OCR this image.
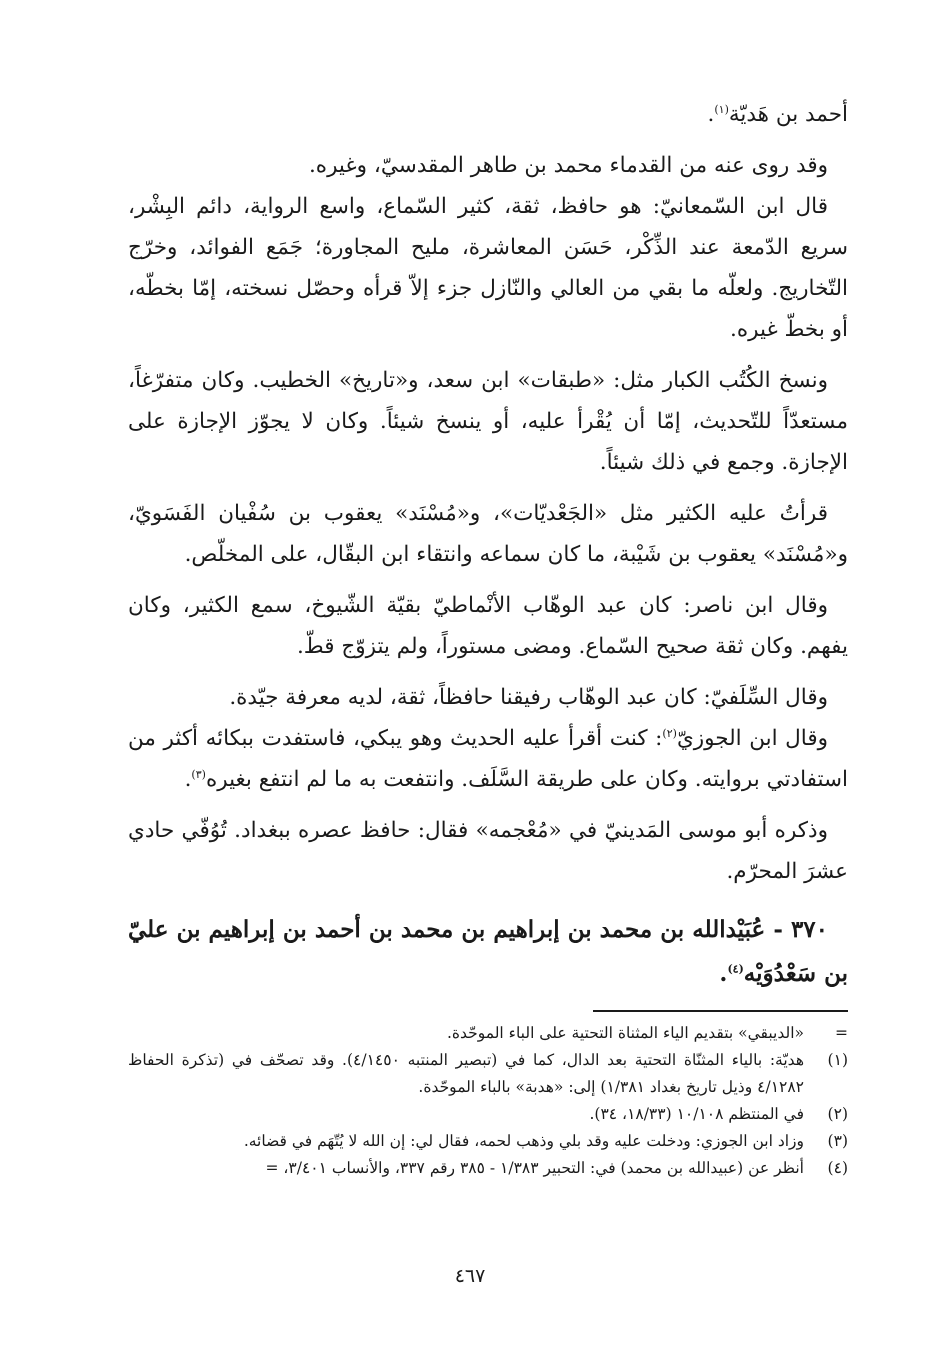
أحمد بن هَديّة$^{(١)}$.

وقد روى عنه من القدماء محمد بن طاهر المقدسيّ، وغيره.

قال ابن السّمعانيّ: هو حافظ، ثقة، كثير السّماع، واسع الرواية، دائم البِشْر، سريع الدّمعة عند الذِّكْر، حَسَن المعاشرة، مليح المجاورة؛ جَمَع الفوائد، وخرّج التّخاريج. ولعلّه ما بقي من العالي والنّازل جزء إلاّ قرأه وحصّل نسخته، إمّا بخطّه، أو بخطّ غيره.

ونسخ الكُتُب الكبار مثل: «طبقات» ابن سعد، و«تاريخ» الخطيب. وكان متفرّغاً، مستعدّاً للتّحديث، إمّا أن يُقْرأ عليه، أو ينسخ شيئاً. وكان لا يجوّز الإجازة على الإجازة. وجمع في ذلك شيئاً.

قرأتُ عليه الكثير مثل «الجَعْديّات»، و«مُسْنَد» يعقوب بن سُفْيان الفَسَويّ، و«مُسْنَد» يعقوب بن شَيْبة، ما كان سماعه وانتقاء ابن البقّال، على المخلّص.

وقال ابن ناصر: كان عبد الوهّاب الأنْماطيّ بقيّة الشّيوخ، سمع الكثير، وكان يفهم. وكان ثقة صحيح السّماع. ومضى مستوراً، ولم يتزوّج قطّ.

وقال السِّلَفيّ: كان عبد الوهّاب رفيقنا حافظاً، ثقة، لديه معرفة جيّدة.

وقال ابن الجوزيّ$^{(٢)}$: كنت أقرأ عليه الحديث وهو يبكي، فاستفدت ببكائه أكثر من استفادتي بروايته. وكان على طريقة السَّلَف. وانتفعت به ما لم انتفع بغيره$^{(٣)}$.

وذكره أبو موسى المَدينيّ في «مُعْجمه» فقال: حافظ عصره ببغداد. تُوُفّي حادي عشرَ المحرّم.

٣٧٠ - عُبَيْدالله بن محمد بن إبراهيم بن محمد بن أحمد بن إبراهيم بن عليّ بن سَعْدُوَيْه$^{(٤)}$.

=
«الديبقي» بتقديم الياء المثناة التحتية على الباء الموحّدة.
(١)
هديّة: بالياء المثنّاة التحتية بعد الدال، كما في (تبصير المنتبه ٤/١٤٥٠). وقد تصحّف في (تذكرة الحفاظ ٤/١٢٨٢ وذيل تاريخ بغداد ١/٣٨١) إلى: «هدبة» بالباء الموحّدة.
(٢)
في المنتظم ١٠/١٠٨ (١٨/٣٣، ٣٤).
(٣)
وزاد ابن الجوزي: ودخلت عليه وقد بلي وذهب لحمه، فقال لي: إن الله لا يُتّهَم في قضائه.
(٤)
أنظر عن (عبيدالله بن محمد) في: التحبير ١/٣٨٣ - ٣٨٥ رقم ٣٣٧، والأنساب ٣/٤٠١، =
٤٦٧
